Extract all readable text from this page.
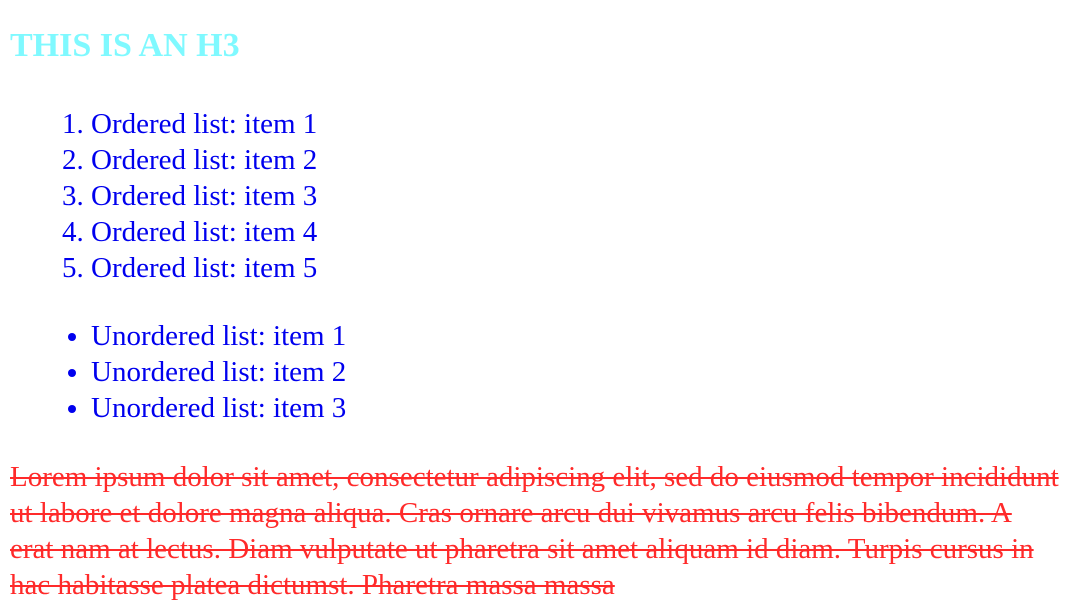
THIS IS AN H3
1. Ordered list: item 1
2. Ordered list: item 2
3. Ordered list: item 3
4. Ordered list: item 4
5. Ordered list: item 5
• Unordered list: item 1
• Unordered list: item 2
• Unordered list: item 3

Lorem ipsum dolor sit amet, consectetur adipiscing elit, sed do eiusmod tempor incididunt ut labore et dolore magna aliqua. Cras ornare arcu dui vivamus arcu felis bibendum. A erat nam at lectus. Diam vulputate ut pharetra sit amet aliquam id diam. Turpis cursus in hac habitasse platea dictumst. Pharetra massa massa
